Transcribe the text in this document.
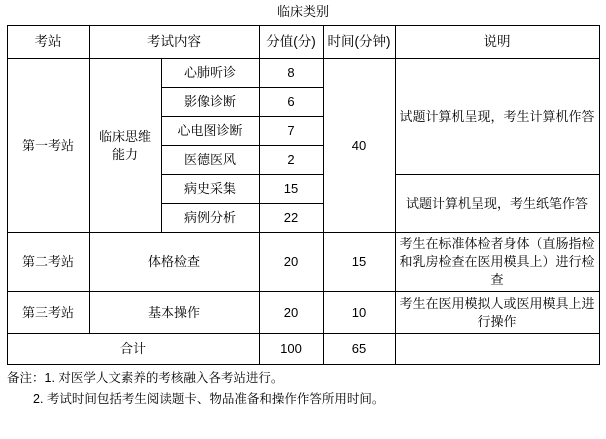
临床类别
考站	考试内容		分值(分)	时间(分钟)	说明
第一考站	临床思维能力	心肺听诊	8	40	试题计算机呈现，考生计算机作答
		影像诊断	6		
		心电图诊断	7		
		医德医风	2		
		病史采集	15		试题计算机呈现，考生纸笔作答
		病例分析	22		
第二考站	体格检查		20	15	考生在标准体检者身体（直肠指检和乳房检查在医用模具上）进行检查
第三考站	基本操作		20	10	考生在医用模拟人或医用模具上进行操作
合计			100	65	
备注：1. 对医学人文素养的考核融入各考站进行。
2. 考试时间包括考生阅读题卡、物品准备和操作作答所用时间。
